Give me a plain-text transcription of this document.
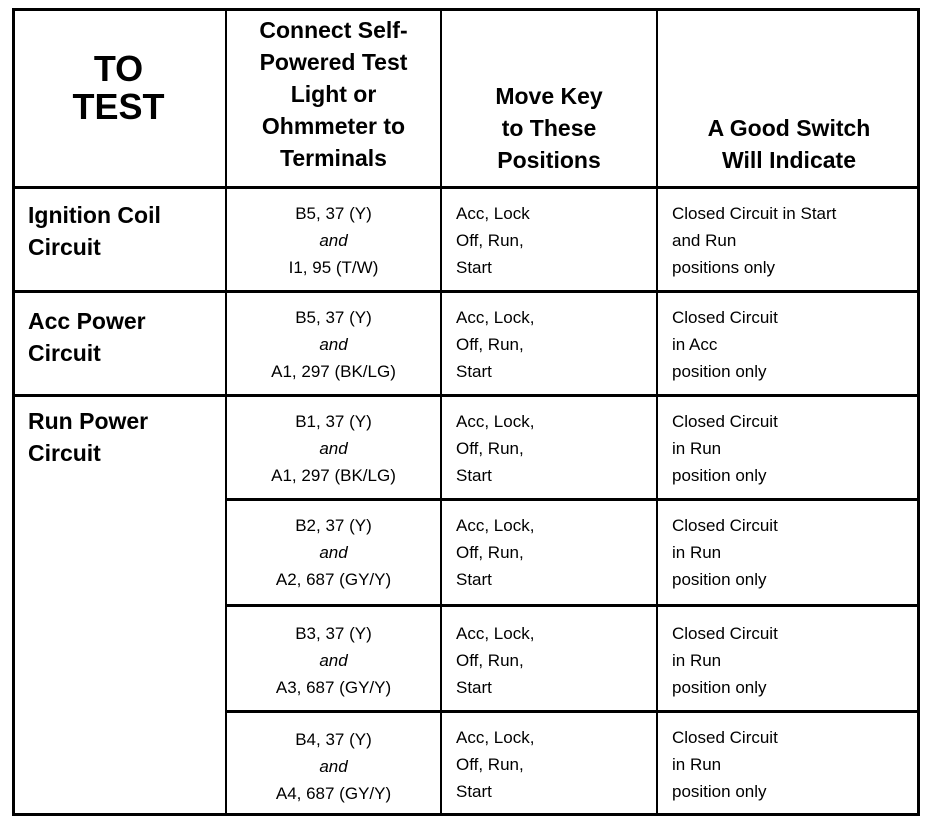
TO
TEST
Connect Self-
Powered Test
Light or
Ohmmeter to
Terminals
Move Key
to These
Positions
A Good Switch
Will Indicate
Ignition Coil
Circuit
Acc Power
Circuit
Run Power
Circuit
B5, 37 (Y)
and
I1, 95 (T/W)
Acc, Lock
Off, Run,
Start
Closed Circuit in Start
and Run
positions only
B5, 37 (Y)
and
A1, 297 (BK/LG)
Acc, Lock,
Off, Run,
Start
Closed Circuit
in Acc
position only
B1, 37 (Y)
and
A1, 297 (BK/LG)
Acc, Lock,
Off, Run,
Start
Closed Circuit
in Run
position only
B2, 37 (Y)
and
A2, 687 (GY/Y)
Acc, Lock,
Off, Run,
Start
Closed Circuit
in Run
position only
B3, 37 (Y)
and
A3, 687 (GY/Y)
Acc, Lock,
Off, Run,
Start
Closed Circuit
in Run
position only
B4, 37 (Y)
and
A4, 687 (GY/Y)
Acc, Lock,
Off, Run,
Start
Closed Circuit
in Run
position only
